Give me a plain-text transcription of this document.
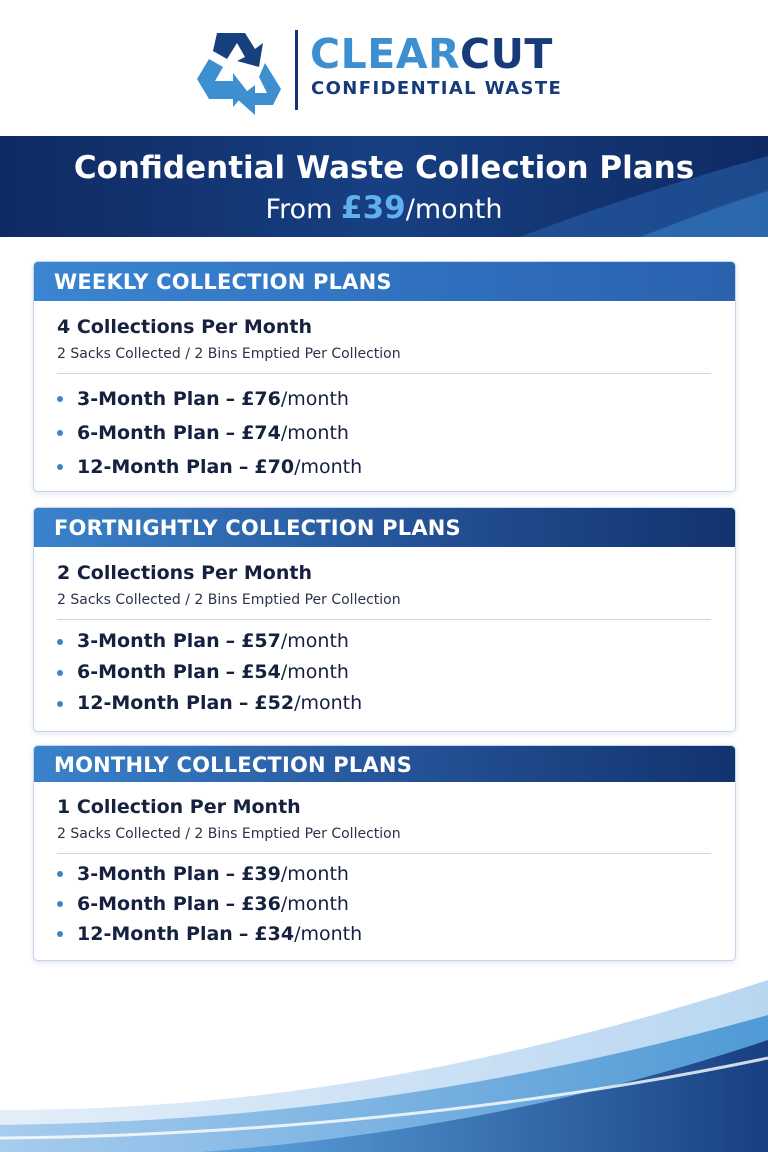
CLEARCUT
CONFIDENTIAL WASTE
Confidential Waste Collection Plans
From £39/month
WEEKLY COLLECTION PLANS
4 Collections Per Month
2 Sacks Collected / 2 Bins Emptied Per Collection
3-Month Plan – £76/month
6-Month Plan – £74/month
12-Month Plan – £70/month
FORTNIGHTLY COLLECTION PLANS
2 Collections Per Month
2 Sacks Collected / 2 Bins Emptied Per Collection
3-Month Plan – £57/month
6-Month Plan – £54/month
12-Month Plan – £52/month
MONTHLY COLLECTION PLANS
1 Collection Per Month
2 Sacks Collected / 2 Bins Emptied Per Collection
3-Month Plan – £39/month
6-Month Plan – £36/month
12-Month Plan – £34/month
